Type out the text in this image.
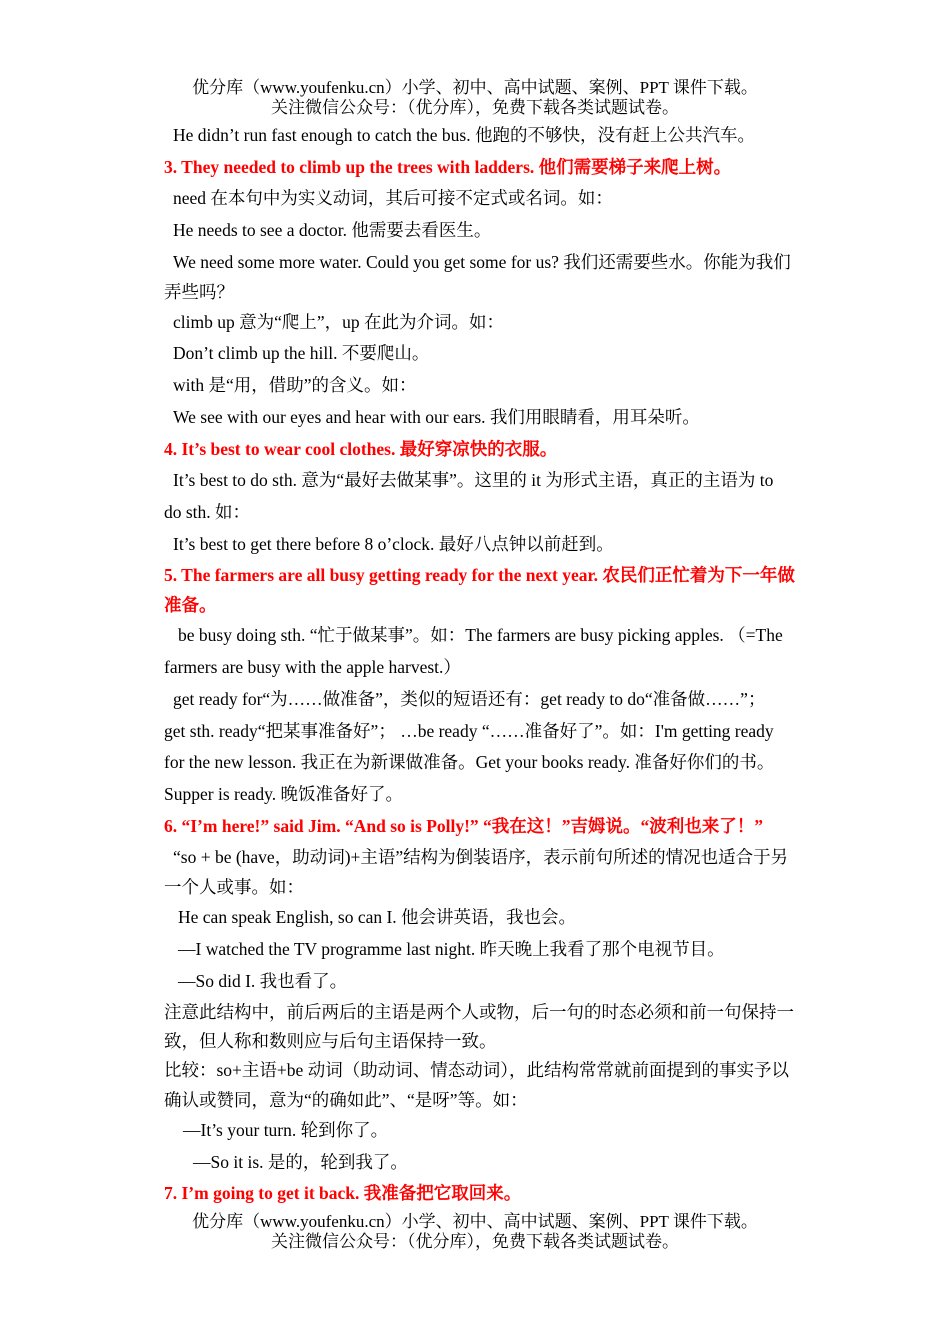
优分库（www.youfenku.cn）小学、初中、高中试题、案例、PPT 课件下载。
关注微信公众号：（优分库），免费下载各类试题试卷。
He didn’t run fast enough to catch the bus. 他跑的不够快，没有赶上公共汽车。
3. They needed to climb up the trees with ladders. 他们需要梯子来爬上树。
need 在本句中为实义动词，其后可接不定式或名词。如：
He needs to see a doctor. 他需要去看医生。
We need some more water. Could you get some for us? 我们还需要些水。你能为我们
弄些吗？
climb up 意为“爬上”，up 在此为介词。如：
Don’t climb up the hill. 不要爬山。
with 是“用，借助”的含义。如：
We see with our eyes and hear with our ears. 我们用眼睛看，用耳朵听。
4. It’s best to wear cool clothes. 最好穿凉快的衣服。
It’s best to do sth. 意为“最好去做某事”。这里的 it 为形式主语，真正的主语为 to
do sth. 如：
It’s best to get there before 8 o’clock. 最好八点钟以前赶到。
5. The farmers are all busy getting ready for the next year. 农民们正忙着为下一年做
准备。
be busy doing sth. “忙于做某事”。如：The farmers are busy picking apples. （=The
farmers are busy with the apple harvest.）
get ready for“为……做准备”，类似的短语还有：get ready to do“准备做……”；
get sth. ready“把某事准备好”； …be ready “……准备好了”。如：I'm getting ready
for the new lesson. 我正在为新课做准备。Get your books ready. 准备好你们的书。
Supper is ready. 晚饭准备好了。
6. “I’m here!” said Jim. “And so is Polly!” “我在这！”吉姆说。“波利也来了！”
“so + be (have，助动词)+主语”结构为倒装语序，表示前句所述的情况也适合于另
一个人或事。如：
He can speak English, so can I. 他会讲英语，我也会。
—I watched the TV programme last night. 昨天晚上我看了那个电视节目。
—So did I. 我也看了。
注意此结构中，前后两后的主语是两个人或物，后一句的时态必须和前一句保持一
致，但人称和数则应与后句主语保持一致。
比较：so+主语+be 动词（助动词、情态动词），此结构常常就前面提到的事实予以
确认或赞同，意为“的确如此”、“是呀”等。如：
—It’s your turn. 轮到你了。
—So it is. 是的，轮到我了。
7. I’m going to get it back. 我准备把它取回来。
优分库（www.youfenku.cn）小学、初中、高中试题、案例、PPT 课件下载。
关注微信公众号：（优分库），免费下载各类试题试卷。
